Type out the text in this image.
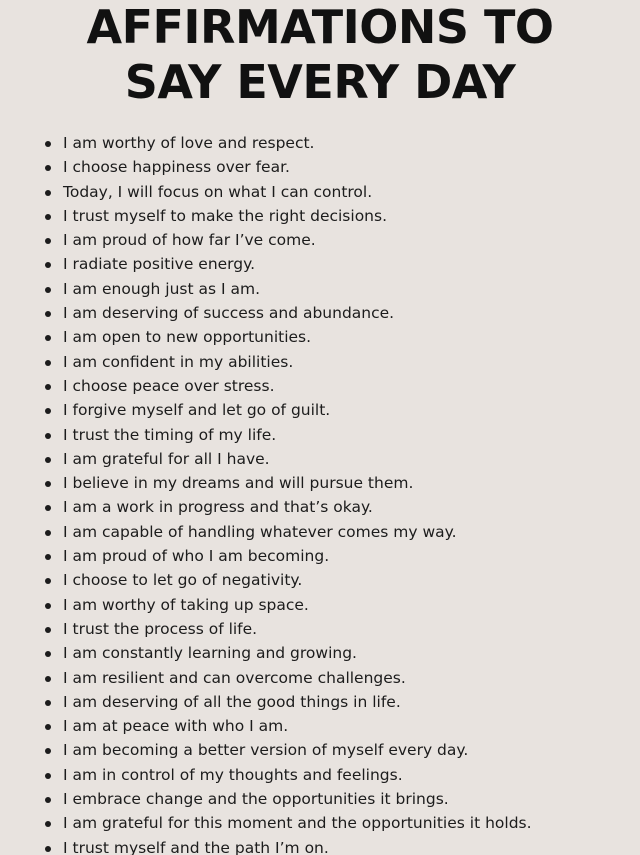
AFFIRMATIONS TO
SAY EVERY DAY
I am worthy of love and respect.
I choose happiness over fear.
Today, I will focus on what I can control.
I trust myself to make the right decisions.
I am proud of how far I’ve come.
I radiate positive energy.
I am enough just as I am.
I am deserving of success and abundance.
I am open to new opportunities.
I am confident in my abilities.
I choose peace over stress.
I forgive myself and let go of guilt.
I trust the timing of my life.
I am grateful for all I have.
I believe in my dreams and will pursue them.
I am a work in progress and that’s okay.
I am capable of handling whatever comes my way.
I am proud of who I am becoming.
I choose to let go of negativity.
I am worthy of taking up space.
I trust the process of life.
I am constantly learning and growing.
I am resilient and can overcome challenges.
I am deserving of all the good things in life.
I am at peace with who I am.
I am becoming a better version of myself every day.
I am in control of my thoughts and feelings.
I embrace change and the opportunities it brings.
I am grateful for this moment and the opportunities it holds.
I trust myself and the path I’m on.
